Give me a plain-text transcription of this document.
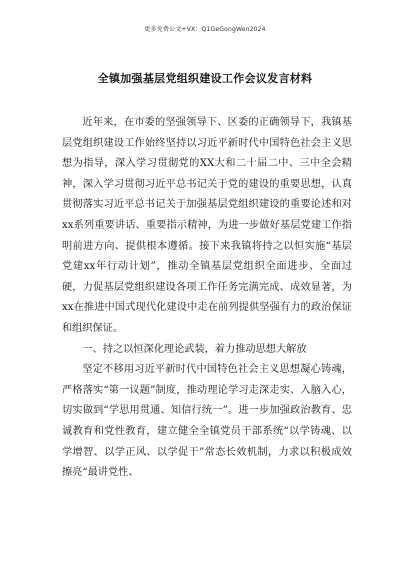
更多免费公文+VX：Q1GeGongWen2024
全镇加强基层党组织建设工作会议发言材料

近年来，在市委的坚强领导下、区委的正确领导下，我镇基层党组织建设工作始终坚持以习近平新时代中国特色社会主义思想为指导，深入学习贯彻党的XX大和二十届二中、三中全会精神，深入学习贯彻习近平总书记关于党的建设的重要思想，认真贯彻落实习近平总书记关于加强基层党组织建设的重要论述和对xx系列重要讲话、重要指示精神，为进一步做好基层党建工作指明前进方向、提供根本遵循。接下来我镇将持之以恒实施“基层党建xx年行动计划”，推动全镇基层党组织全面进步、全面过硬，力促基层党组织建设各项工作任务完满完成、成效显著，为xx在推进中国式现代化建设中走在前列提供坚强有力的政治保证和组织保证。

一、持之以恒深化理论武装，着力推动思想大解放

坚定不移用习近平新时代中国特色社会主义思想凝心铸魂，严格落实“第一议题”制度，推动理论学习走深走实、入脑入心，切实做到“学思用贯通、知信行统一”。进一步加强政治教育、忠诚教育和党性教育，建立健全全镇党员干部系统“以学铸魂、以学增智、以学正风、以学促干”常态长效机制，力求以积极成效擦亮“最讲党性、
